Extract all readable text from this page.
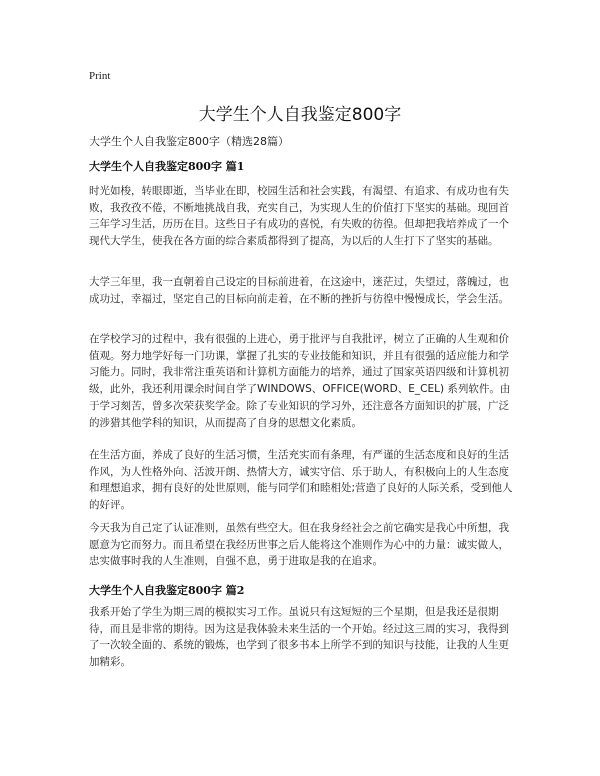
Print
大学生个人自我鉴定800字
大学生个人自我鉴定800字（精选28篇）
大学生个人自我鉴定800字 篇1

时光如梭，转眼即逝，当毕业在即，校园生活和社会实践，有渴望、有追求、有成功也有失败，我孜孜不倦，不断地挑战自我，充实自己，为实现人生的价值打下坚实的基础。现回首三年学习生活，历历在目。这些日子有成功的喜悦，有失败的彷徨。但却把我培养成了一个现代大学生，使我在各方面的综合素质都得到了提高，为以后的人生打下了坚实的基础。

大学三年里，我一直朝着自己设定的目标前进着，在这途中，迷茫过，失望过，落魄过，也成功过，幸福过，坚定自己的目标向前走着，在不断的挫折与彷徨中慢慢成长，学会生活。

在学校学习的过程中，我有很强的上进心，勇于批评与自我批评，树立了正确的人生观和价值观。努力地学好每一门功课，掌握了扎实的专业技能和知识，并且有很强的适应能力和学习能力。同时，我非常注重英语和计算机方面能力的培养，通过了国家英语四级和计算机初级，此外，我还利用课余时间自学了WINDOWS、OFFICE(WORD、E_CEL) 系列软件。由于学习刻苦，曾多次荣获奖学金。除了专业知识的学习外，还注意各方面知识的扩展，广泛的涉猎其他学科的知识，从而提高了自身的思想文化素质。

在生活方面，养成了良好的生活习惯，生活充实而有条理，有严谨的生活态度和良好的生活作风，为人性格外向、活波开朗、热情大方，诚实守信、乐于助人，有积极向上的人生态度和理想追求，拥有良好的处世原则，能与同学们和睦相处;营造了良好的人际关系，受到他人的好评。

今天我为自己定了认证准则，虽然有些空大。但在我身经社会之前它确实是我心中所想，我愿意为它而努力。而且希望在我经历世事之后人能将这个准则作为心中的力量：诚实做人，忠实做事时我的人生准则，自强不息，勇于进取是我的在追求。

大学生个人自我鉴定800字 篇2

我系开始了学生为期三周的模拟实习工作。虽说只有这短短的三个星期，但是我还是很期待，而且是非常的期待。因为这是我体验未来生活的一个开始。经过这三周的实习，我得到了一次较全面的、系统的锻炼，也学到了很多书本上所学不到的知识与技能，让我的人生更加精彩。
